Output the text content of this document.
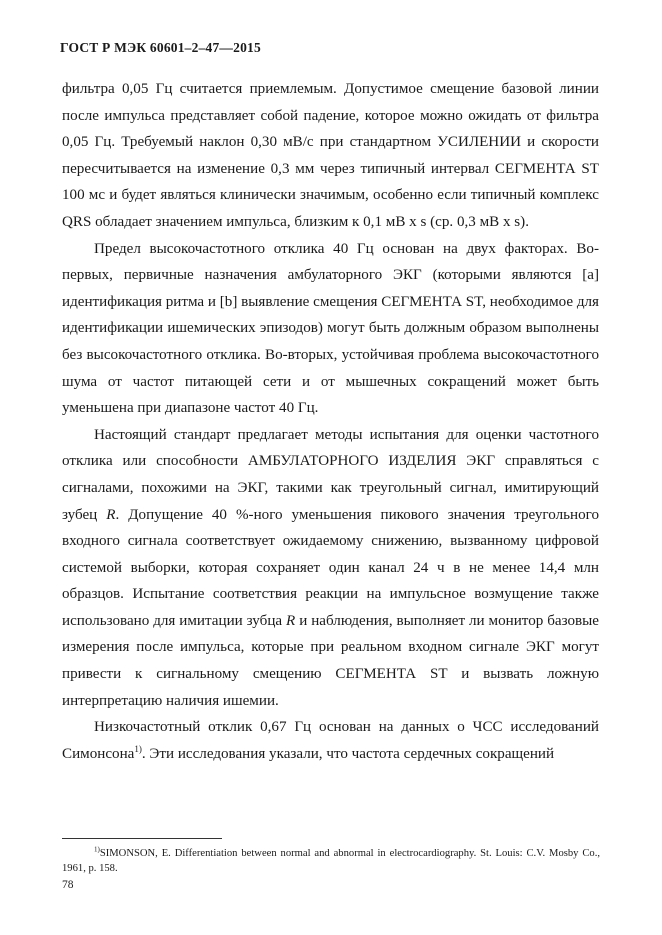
ГОСТ Р МЭК 60601–2–47—2015

фильтра 0,05 Гц считается приемлемым. Допустимое смещение базовой линии после импульса представляет собой падение, которое можно ожидать от фильтра 0,05 Гц. Требуемый наклон 0,30 мВ/с при стандартном УСИЛЕНИИ и скорости пересчитывается на изменение 0,3 мм через типичный интервал СЕГМЕНТА ST 100 мс и будет являться клинически значимым, особенно если типичный комплекс QRS обладает значением импульса, близким к 0,1 мВ x s (ср. 0,3 мВ x s).

Предел высокочастотного отклика 40 Гц основан на двух факторах. Во-первых, первичные назначения амбулаторного ЭКГ (которыми являются [a] идентификация ритма и [b] выявление смещения СЕГМЕНТА ST, необходимое для идентификации ишемических эпизодов) могут быть должным образом выполнены без высокочастотного отклика. Во-вторых, устойчивая проблема высокочастотного шума от частот питающей сети и от мышечных сокращений может быть уменьшена при диапазоне частот 40 Гц.

Настоящий стандарт предлагает методы испытания для оценки частотного отклика или способности АМБУЛАТОРНОГО ИЗДЕЛИЯ ЭКГ справляться с сигналами, похожими на ЭКГ, такими как треугольный сигнал, имитирующий зубец R. Допущение 40 %-ного уменьшения пикового значения треугольного входного сигнала соответствует ожидаемому снижению, вызванному цифровой системой выборки, которая сохраняет один канал 24 ч в не менее 14,4 млн образцов. Испытание соответствия реакции на импульсное возмущение также использовано для имитации зубца R и наблюдения, выполняет ли монитор базовые измерения после импульса, которые при реальном входном сигнале ЭКГ могут привести к сигнальному смещению СЕГМЕНТА ST и вызвать ложную интерпретацию наличия ишемии.

Низкочастотный отклик 0,67 Гц основан на данных о ЧСС исследований Симонсона$^{1)}$. Эти исследования указали, что частота сердечных сокращений

$^{1)}$SIMONSON, E. Differentiation between normal and abnormal in electrocardiography. St. Louis: C.V. Mosby Co., 1961, p. 158.
78
